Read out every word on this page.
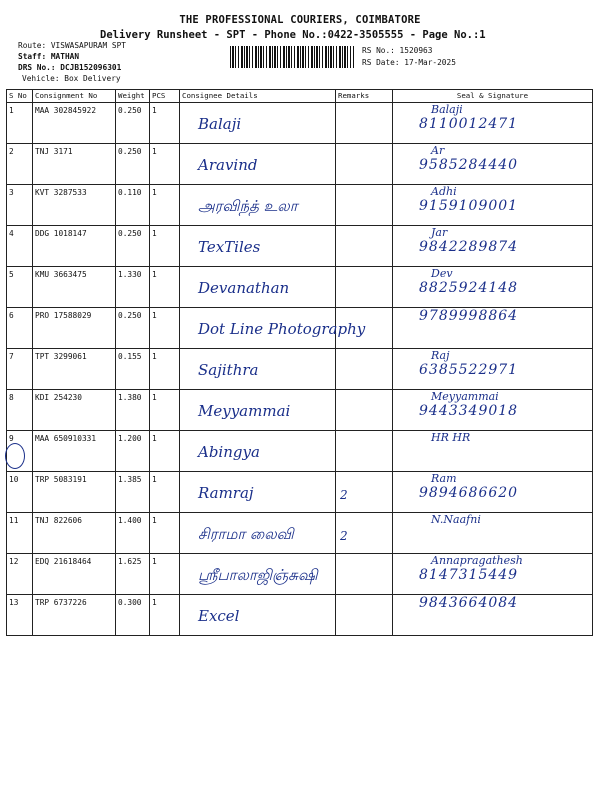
THE PROFESSIONAL COURIERS, COIMBATORE
Delivery Runsheet - SPT - Phone No.:0422-3505555 - Page No.:1
Route: VISWASAPURAM SPT
Staff: MATHAN
DRS No.: DCJB152096301
Vehicle: Box Delivery
RS No.: 1520963
RS Date: 17-Mar-2025
S No	Consignment No	Weight	PCS	Consignee Details	Remarks	Seal & Signature

1	MAA 302845922	0.250	1	Balaji		Balaji
8110012471

2	TNJ 3171	0.250	1	Aravind		Ar
9585284440

3	KVT 3287533	0.110	1	அரவிந்த் உலா		Adhi
9159109001

4	DDG 1018147	0.250	1	TexTiles		Jar
9842289874

5	KMU 3663475	1.330	1	Devanathan		Dev
8825924148

6	PRO 17588029	0.250	1	Dot Line Photography		9789998864

7	TPT 3299061	0.155	1	Sajithra		Raj
6385522971

8	KDI 254230	1.380	1	Meyyammai		Meyyammai
9443349018

9	MAA 650910331	1.200	1	Abingya		HR HR

10	TRP 5083191	1.385	1	Ramraj	2	Ram
9894686620

11	TNJ 822606	1.400	1	சிராமா லைவி	2	N.Naafni

12	EDQ 21618464	1.625	1	ஸ்ரீபாலாஜிஞ்சுஷி		Annapragathesh
8147315449

13	TRP 6737226	0.300	1	Excel		9843664084
